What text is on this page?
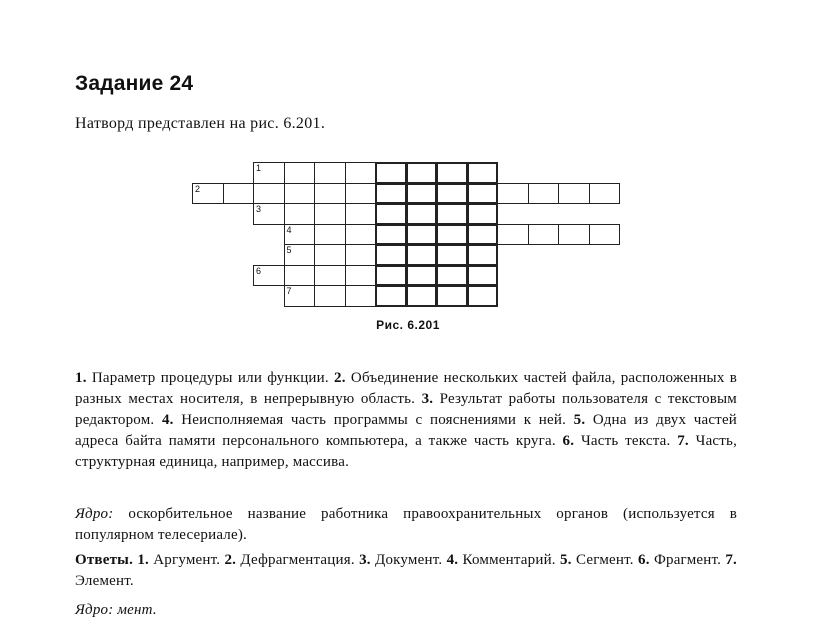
Задание 24
Натворд представлен на рис. 6.201.
1
2
3
4
5
6
7
Рис. 6.201
1. Параметр процедуры или функции. 2. Объединение нескольких частей файла, расположенных в разных местах носителя, в непрерывную область. 3. Результат работы пользователя с текстовым редактором. 4. Неисполняемая часть программы с пояснениями к ней. 5. Одна из двух частей адреса байта памяти персонального компьютера, а также часть круга. 6. Часть текста. 7. Часть, структурная единица, например, массива.
Ядро: оскорбительное название работника правоохранительных органов (используется в популярном телесериале).
Ответы. 1. Аргумент. 2. Дефрагментация. 3. Документ. 4. Комментарий. 5. Сегмент. 6. Фрагмент. 7. Элемент.
Ядро: мент.
